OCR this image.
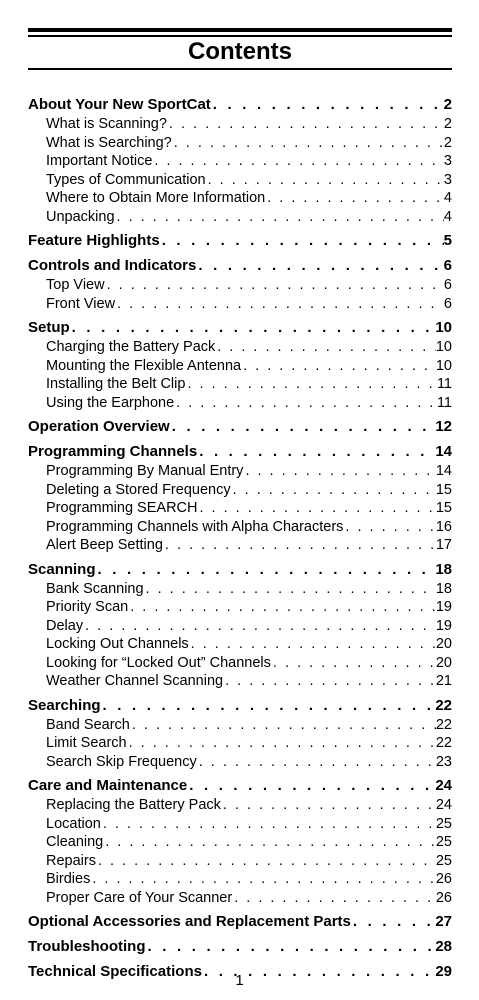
Contents
About Your New SportCat . . .	2
What is Scanning? . . .	2
What is Searching? . . .	2
Important Notice . . .	3
Types of Communication . . .	3
Where to Obtain More Information . . .	4
Unpacking . . .	4
Feature Highlights . . .	5
Controls and Indicators . . .	6
Top View . . .	6
Front View . . .	6
Setup . . .	10
Charging the Battery Pack . . .	10
Mounting the Flexible Antenna . . .	10
Installing the Belt Clip . . .	11
Using the Earphone . . .	11
Operation Overview . . .	12
Programming Channels . . .	14
Programming By Manual Entry . . .	14
Deleting a Stored Frequency . . .	15
Programming SEARCH . . .	15
Programming Channels with Alpha Characters . . .	16
Alert Beep Setting . . .	17
Scanning . . .	18
Bank Scanning . . .	18
Priority Scan . . .	19
Delay . . .	19
Locking Out Channels . . .	20
Looking for “Locked Out” Channels . . .	20
Weather Channel Scanning . . .	21
Searching . . .	22
Band Search . . .	22
Limit Search . . .	22
Search Skip Frequency . . .	23
Care and Maintenance . . .	24
Replacing the Battery Pack . . .	24
Location . . .	25
Cleaning . . .	25
Repairs . . .	25
Birdies . . .	26
Proper Care of Your Scanner . . .	26
Optional Accessories and Replacement Parts . . .	27
Troubleshooting . . .	28
Technical Specifications . . .	29
1
